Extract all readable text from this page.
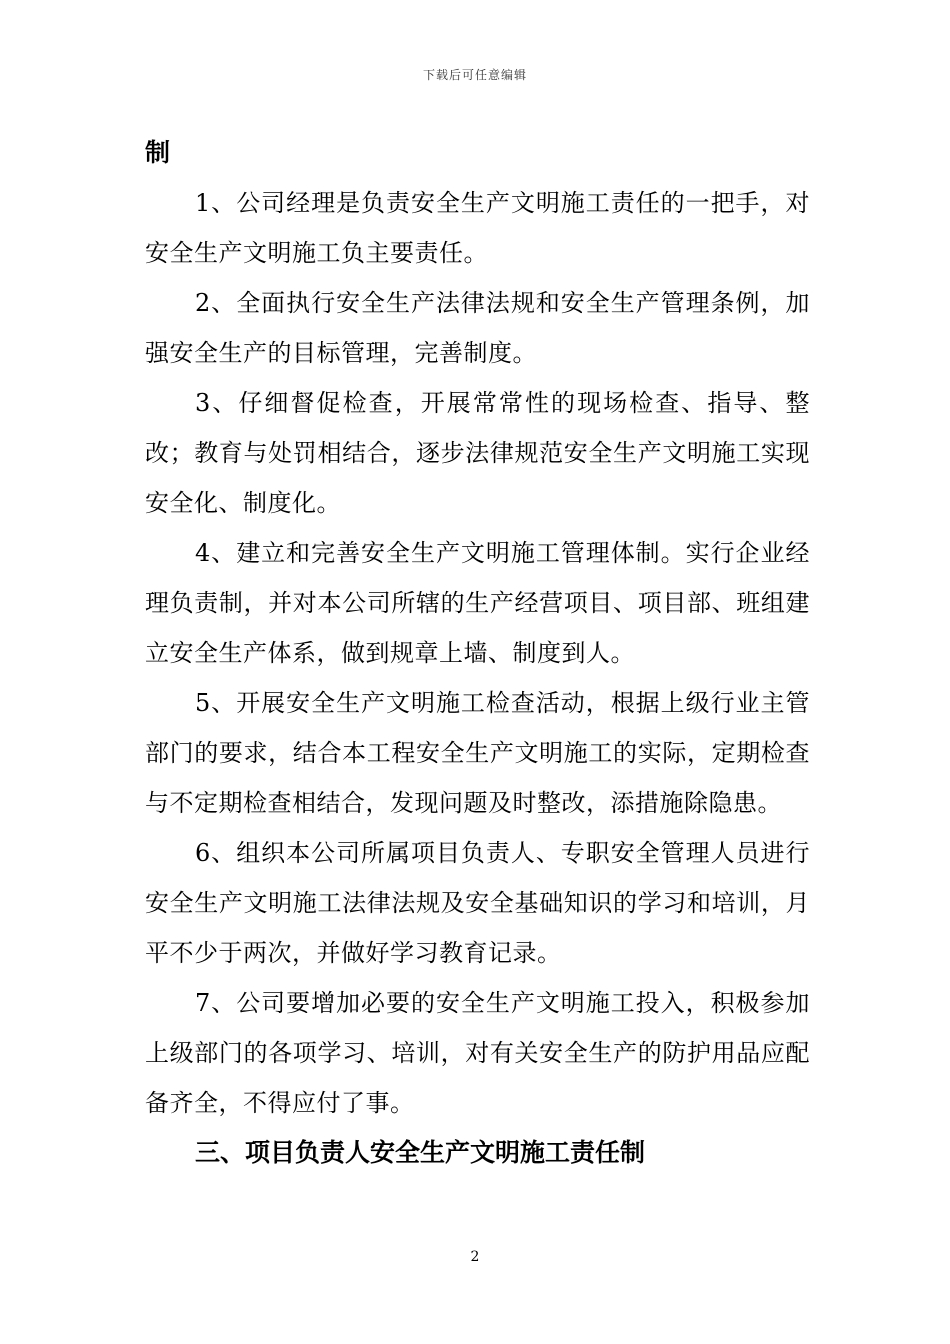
下载后可任意编辑

制

1、公司经理是负责安全生产文明施工责任的一把手，对安全生产文明施工负主要责任。

2、全面执行安全生产法律法规和安全生产管理条例，加强安全生产的目标管理，完善制度。

3、仔细督促检查，开展常常性的现场检查、指导、整改；教育与处罚相结合，逐步法律规范安全生产文明施工实现安全化、制度化。

4、建立和完善安全生产文明施工管理体制。实行企业经理负责制，并对本公司所辖的生产经营项目、项目部、班组建立安全生产体系，做到规章上墙、制度到人。

5、开展安全生产文明施工检查活动，根据上级行业主管部门的要求，结合本工程安全生产文明施工的实际，定期检查与不定期检查相结合，发现问题及时整改，添措施除隐患。

6、组织本公司所属项目负责人、专职安全管理人员进行安全生产文明施工法律法规及安全基础知识的学习和培训，月平不少于两次，并做好学习教育记录。

7、公司要增加必要的安全生产文明施工投入，积极参加上级部门的各项学习、培训，对有关安全生产的防护用品应配备齐全，不得应付了事。

三、项目负责人安全生产文明施工责任制

2
